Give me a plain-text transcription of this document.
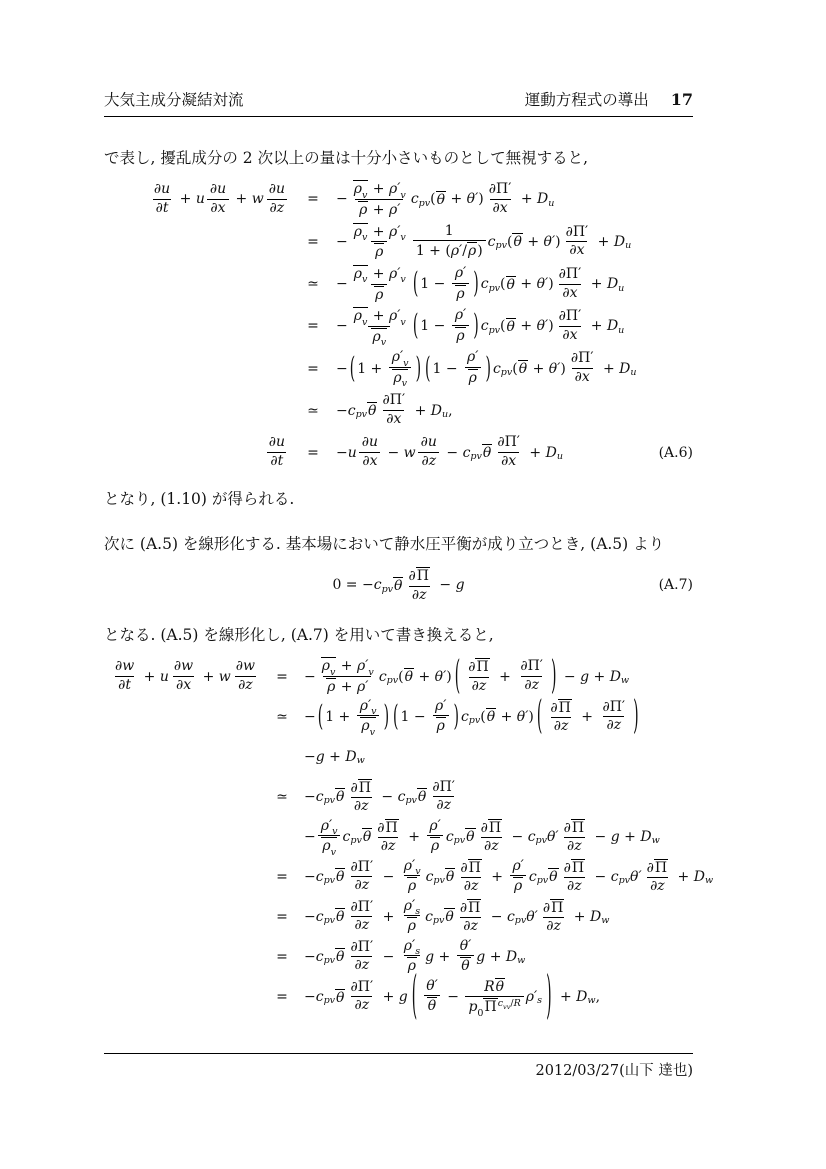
大気主成分凝結対流	運動方程式の導出 17

で表し, 擾乱成分の 2 次以上の量は十分小さいものとして無視すると,

$\frac{\partial u}{\partial t} + u \frac{\partial u}{\partial x} + w \frac{\partial u}{\partial z}$	=	− $\frac{\rho_v + \rho'_v}{\rho + \rho'}$ c pv ( θ + θ′ ) $\frac{\partial\Pi'}{\partial x} + D$ u
=	− $\frac{\rho_v + \rho'_v}{\rho} \frac{1}{1 + (\rho'/\rho)}$ c pv ( θ + θ′ ) $\frac{\partial\Pi'}{\partial x} + D$ u
≃	− $\frac{\rho_v + \rho'_v}{\rho}$ ( $1 - \frac{\rho'}{\rho}$ ) c pv ( θ + θ′ ) $\frac{\partial\Pi'}{\partial x} + D$ u
=	− $\frac{\rho_v + \rho'_v}{\rho_v}$ ( $1 - \frac{\rho'}{\rho}$ ) c pv ( θ + θ′ ) $\frac{\partial\Pi'}{\partial x} + D$ u
=	− ( $1 + \frac{\rho'_v}{\rho_v}$ ) ( $1 - \frac{\rho'}{\rho}$ ) c pv ( θ + θ′ ) $\frac{\partial\Pi'}{\partial x} + D$ u
≃	− c pv θ $\frac{\partial\Pi'}{\partial x} + D$ u ,
$\frac{\partial u}{\partial t}$	=	− u $\frac{\partial u}{\partial x} - w \frac{\partial u}{\partial z} - c$ pv θ $\frac{\partial\Pi'}{\partial x} + D$ u	(A.6)

となり, (1.10) が得られる.

次に (A.5) を線形化する. 基本場において静水圧平衡が成り立つとき, (A.5) より

0 = − c pv θ $\frac{\partial\Pi}{\partial z} - g$	(A.7)

となる. (A.5) を線形化し, (A.7) を用いて書き換えると,

$\frac{\partial w}{\partial t} + u \frac{\partial w}{\partial x} + w \frac{\partial w}{\partial z}$	=	− $\frac{\rho_v + \rho'_v}{\rho + \rho'}$ c pv ( θ + θ′ ) ( $\frac{\partial\Pi}{\partial z} + \frac{\partial\Pi'}{\partial z}$ ) − g + D w
≃	− ( $1 + \frac{\rho'_v}{\rho_v}$ ) ( $1 - \frac{\rho'}{\rho}$ ) c pv ( θ + θ′ ) ( $\frac{\partial\Pi}{\partial z} + \frac{\partial\Pi'}{\partial z}$ )
− g + D w
≃	− c pv θ $\frac{\partial\Pi}{\partial z} - c$ pv θ $\frac{\partial\Pi'}{\partial z}$
− $\frac{\rho'_v}{\rho_v}$ c pv θ $\frac{\partial\Pi}{\partial z} + \frac{\rho'}{\rho}$ c pv θ $\frac{\partial\Pi}{\partial z} - c$ pv $\theta' \frac{\partial\Pi}{\partial z} - g + D$ w
=	− c pv θ $\frac{\partial\Pi'}{\partial z} - \frac{\rho'_v}{\rho}$ c pv θ $\frac{\partial\Pi}{\partial z} + \frac{\rho'}{\rho}$ c pv θ $\frac{\partial\Pi}{\partial z} - c$ pv $\theta' \frac{\partial\Pi}{\partial z} + D$ w
=	− c pv θ $\frac{\partial\Pi'}{\partial z} + \frac{\rho'_s}{\rho}$ c pv θ $\frac{\partial\Pi}{\partial z} - c$ pv $\theta' \frac{\partial\Pi}{\partial z} + D$ w
=	− c pv θ $\frac{\partial\Pi'}{\partial z} - \frac{\rho'_s}{\rho}$ $g + \frac{\theta'}{\theta}$ g + D w
=	− c pv θ $\frac{\partial\Pi'}{\partial z} + g$ ( $\frac{\theta'}{\theta} - \frac{R\theta}{p_0\Pi^{c_{vv}/R}} \rho'$ s ) + D w ,
2012/03/27(山下 達也)
